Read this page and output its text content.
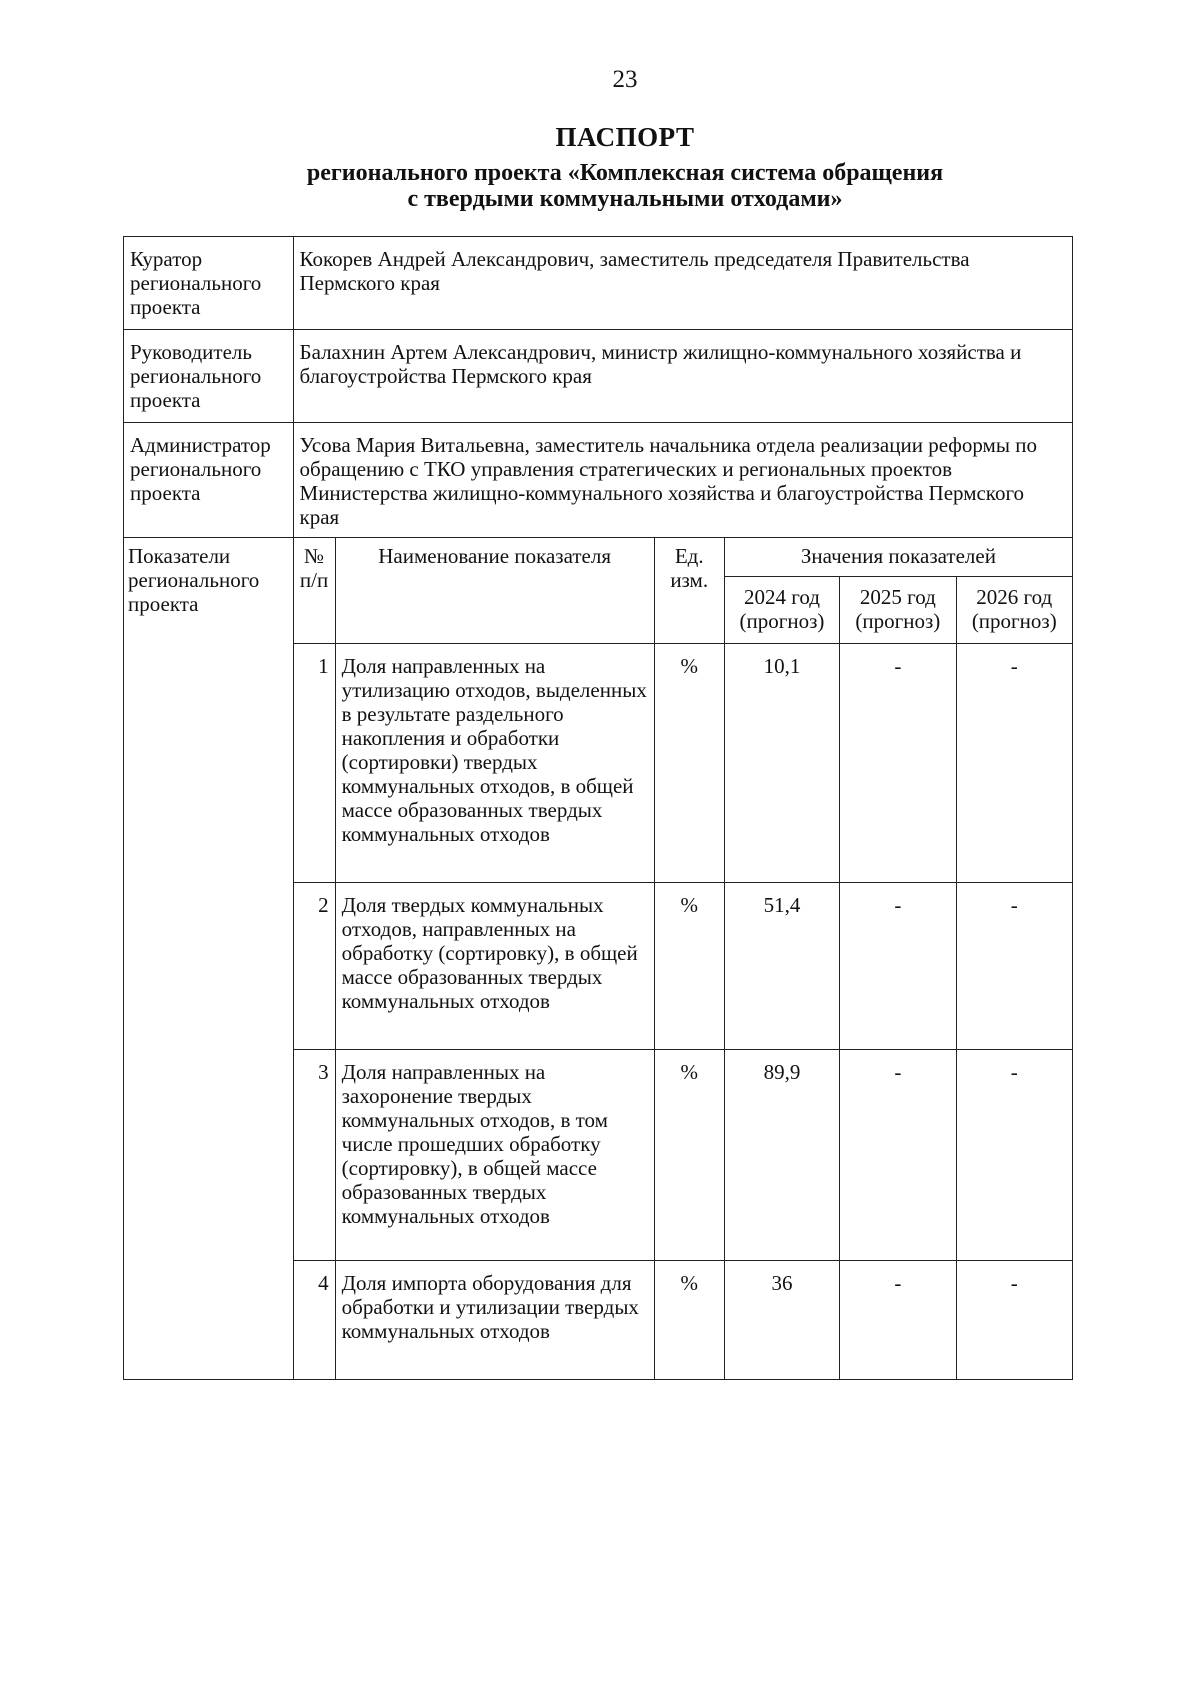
23
ПАСПОРТ
регионального проекта «Комплексная система обращения
с твердыми коммунальными отходами»
Куратор регионального проекта	Кокорев Андрей Александрович, заместитель председателя Правительства Пермского края					
Руководитель регионального проекта	Балахнин Артем Александрович, министр жилищно-коммунального хозяйства и благоустройства Пермского края					
Администратор регионального проекта	Усова Мария Витальевна, заместитель начальника отдела реализации реформы по обращению с ТКО управления стратегических и региональных проектов Министерства жилищно-коммунального хозяйства и благоустройства Пермского края					
Показатели регионального проекта	№ п/п	Наименование показателя	Ед. изм.	Значения показателей		
				2024 год (прогноз)	2025 год (прогноз)	2026 год (прогноз)
	1	Доля направленных на утилизацию отходов, выделенных в результате раздельного накопления и обработки (сортировки) твердых коммунальных отходов, в общей массе образованных твердых коммунальных отходов	%	10,1	-	-
	2	Доля твердых коммунальных отходов, направленных на обработку (сортировку), в общей массе образованных твердых коммунальных отходов	%	51,4	-	-
	3	Доля направленных на захоронение твердых коммунальных отходов, в том числе прошедших обработку (сортировку), в общей массе образованных твердых коммунальных отходов	%	89,9	-	-
	4	Доля импорта оборудования для обработки и утилизации твердых коммунальных отходов	%	36	-	-
